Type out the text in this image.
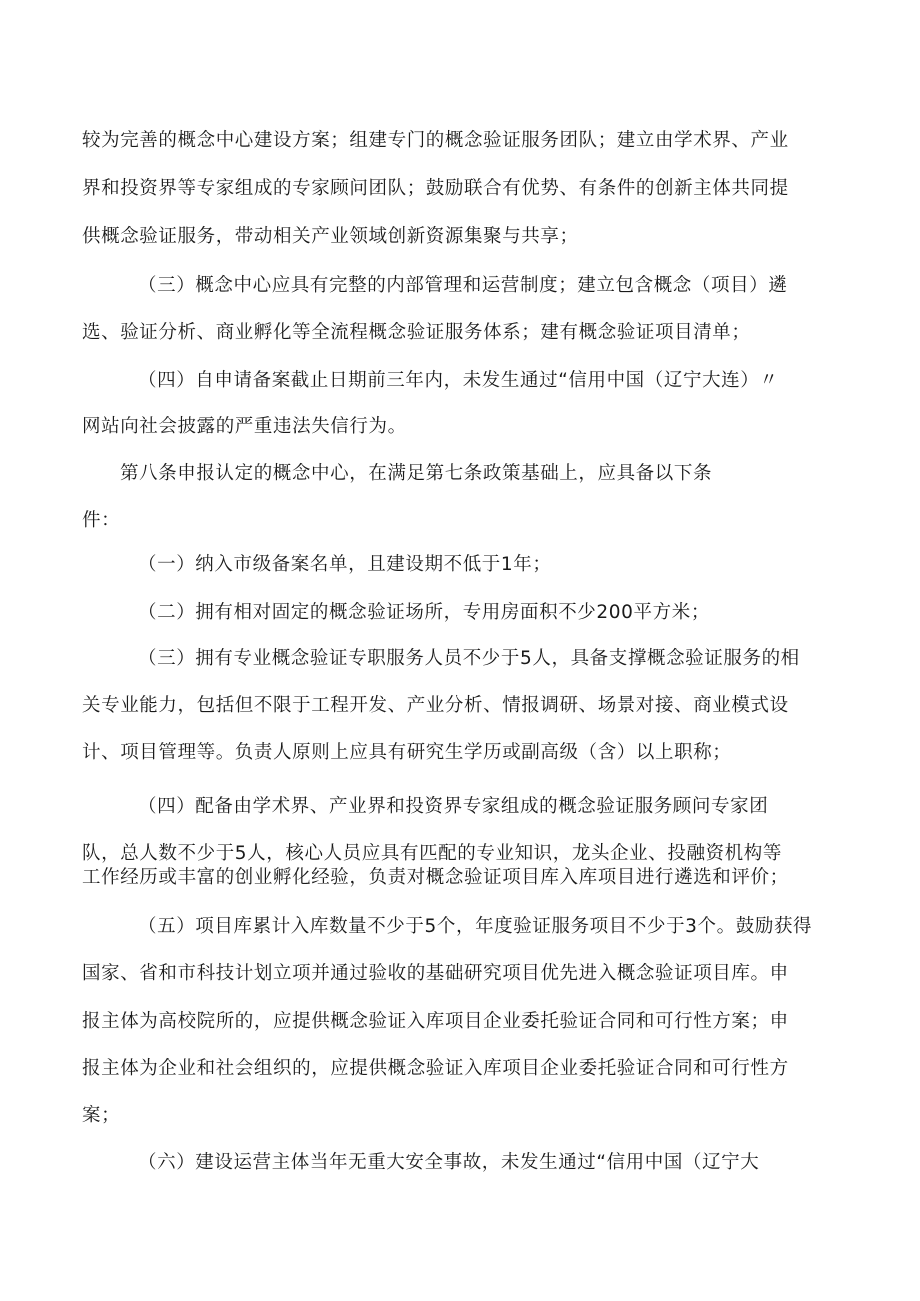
较为完善的概念中心建设方案；组建专门的概念验证服务团队；建立由学术界、产业
界和投资界等专家组成的专家顾问团队；鼓励联合有优势、有条件的创新主体共同提
供概念验证服务，带动相关产业领域创新资源集聚与共享；
（三）概念中心应具有完整的内部管理和运营制度；建立包含概念（项目）遴
选、验证分析、商业孵化等全流程概念验证服务体系；建有概念验证项目清单；
（四）自申请备案截止日期前三年内，未发生通过“信用中国（辽宁大连）〃
网站向社会披露的严重违法失信行为。
第八条申报认定的概念中心，在满足第七条政策基础上，应具备以下条
件：
（一）纳入市级备案名单，且建设期不低于1年；
（二）拥有相对固定的概念验证场所，专用房面积不少200平方米；
（三）拥有专业概念验证专职服务人员不少于5人，具备支撑概念验证服务的相
关专业能力，包括但不限于工程开发、产业分析、情报调研、场景对接、商业模式设
计、项目管理等。负责人原则上应具有研究生学历或副高级（含）以上职称；
（四）配备由学术界、产业界和投资界专家组成的概念验证服务顾问专家团
队，总人数不少于5人，核心人员应具有匹配的专业知识，龙头企业、投融资机构等
工作经历或丰富的创业孵化经验，负责对概念验证项目库入库项目进行遴选和评价；
（五）项目库累计入库数量不少于5个，年度验证服务项目不少于3个。鼓励获得
国家、省和市科技计划立项并通过验收的基础研究项目优先进入概念验证项目库。申
报主体为高校院所的，应提供概念验证入库项目企业委托验证合同和可行性方案；申
报主体为企业和社会组织的，应提供概念验证入库项目企业委托验证合同和可行性方
案；
（六）建设运营主体当年无重大安全事故，未发生通过“信用中国（辽宁大
